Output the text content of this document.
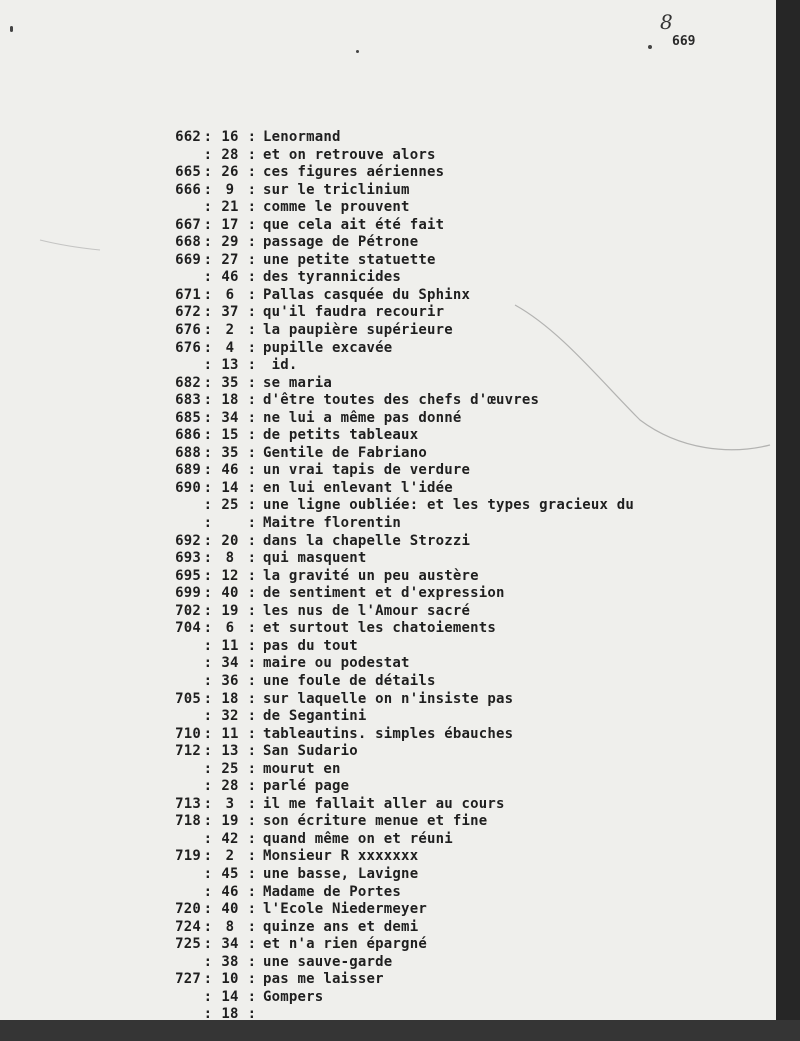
8
669
662 : 16 : Lenormand
: 28 : et on retrouve alors
665 : 26 : ces figures aériennes
666 : 9 : sur le triclinium
: 21 : comme le prouvent
667 : 17 : que cela ait été fait
668 : 29 : passage de Pétrone
669 : 27 : une petite statuette
: 46 : des tyrannicides
671 : 6 : Pallas casquée du Sphinx
672 : 37 : qu'il faudra recourir
676 : 2 : la paupière supérieure
676 : 4 : pupille excavée
: 13 : id.
682 : 35 : se maria
683 : 18 : d'être toutes des chefs d'œuvres
685 : 34 : ne lui a même pas donné
686 : 15 : de petits tableaux
688 : 35 : Gentile de Fabriano
689 : 46 : un vrai tapis de verdure
690 : 14 : en lui enlevant l'idée
: 25 : une ligne oubliée: et les types gracieux du
:	: Maitre florentin
692 : 20 : dans la chapelle Strozzi
693 : 8 : qui masquent
695 : 12 : la gravité un peu austère
699 : 40 : de sentiment et d'expression
702 : 19 : les nus de l'Amour sacré
704 : 6 : et surtout les chatoiements
: 11 : pas du tout
: 34 : maire ou podestat
: 36 : une foule de détails
705 : 18 : sur laquelle on n'insiste pas
: 32 : de Segantini
710 : 11 : tableautins. simples ébauches
712 : 13 : San Sudario
: 25 : mourut en
: 28 : parlé page
713 : 3 : il me fallait aller au cours
718 : 19 : son écriture menue et fine
: 42 : quand même on et réuni
719 : 2 : Monsieur R xxxxxxx
: 45 : une basse, Lavigne
: 46 : Madame de Portes
720 : 40 : l'Ecole Niedermeyer
724 : 8 : quinze ans et demi
725 : 34 : et n'a rien épargné
: 38 : une sauve-garde
727 : 10 : pas me laisser
: 14 : Gompers
: 18 :
